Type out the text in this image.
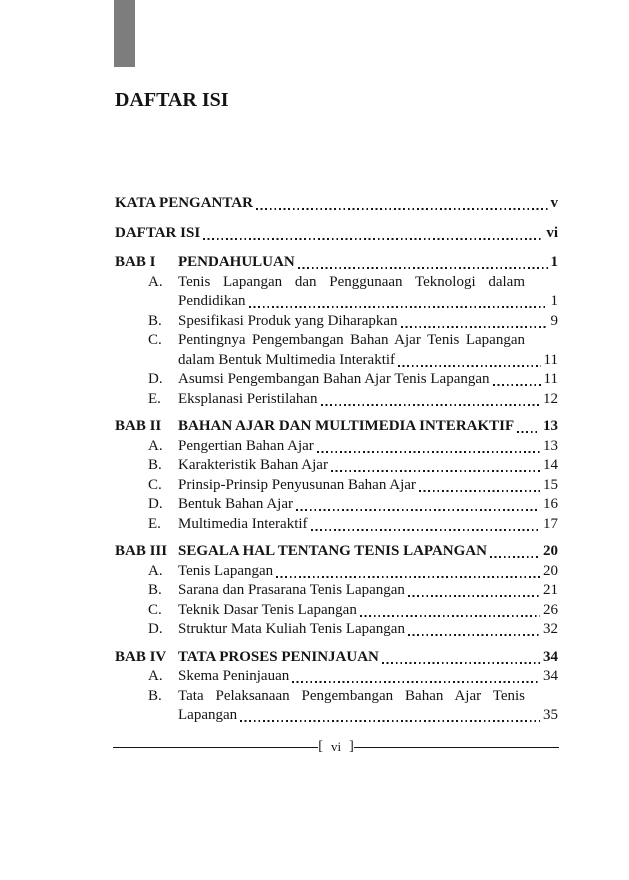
DAFTAR ISI
KATA PENGANTAR	v
DAFTAR ISI	vi
BAB I	PENDAHULUAN	1
A.	Tenis Lapangan dan Penggunaan Teknologi dalam
Pendidikan	1
B.	Spesifikasi Produk yang Diharapkan	9
C.	Pentingnya Pengembangan Bahan Ajar Tenis Lapangan
dalam Bentuk Multimedia Interaktif	11
D.	Asumsi Pengembangan Bahan Ajar Tenis Lapangan	11
E.	Eksplanasi Peristilahan	12
BAB II	BAHAN AJAR DAN MULTIMEDIA INTERAKTIF 13
A.	Pengertian Bahan Ajar	13
B.	Karakteristik Bahan Ajar	14
C.	Prinsip-Prinsip Penyusunan Bahan Ajar	15
D.	Bentuk Bahan Ajar	16
E.	Multimedia Interaktif	17
BAB III SEGALA HAL TENTANG TENIS LAPANGAN	20
A.	Tenis Lapangan	20
B.	Sarana dan Prasarana Tenis Lapangan	21
C.	Teknik Dasar Tenis Lapangan	26
D.	Struktur Mata Kuliah Tenis Lapangan	32
BAB IV TATA PROSES PENINJAUAN	34
A.	Skema Peninjauan	34
B.	Tata Pelaksanaan Pengembangan Bahan Ajar Tenis
Lapangan	35
[ vi ]
